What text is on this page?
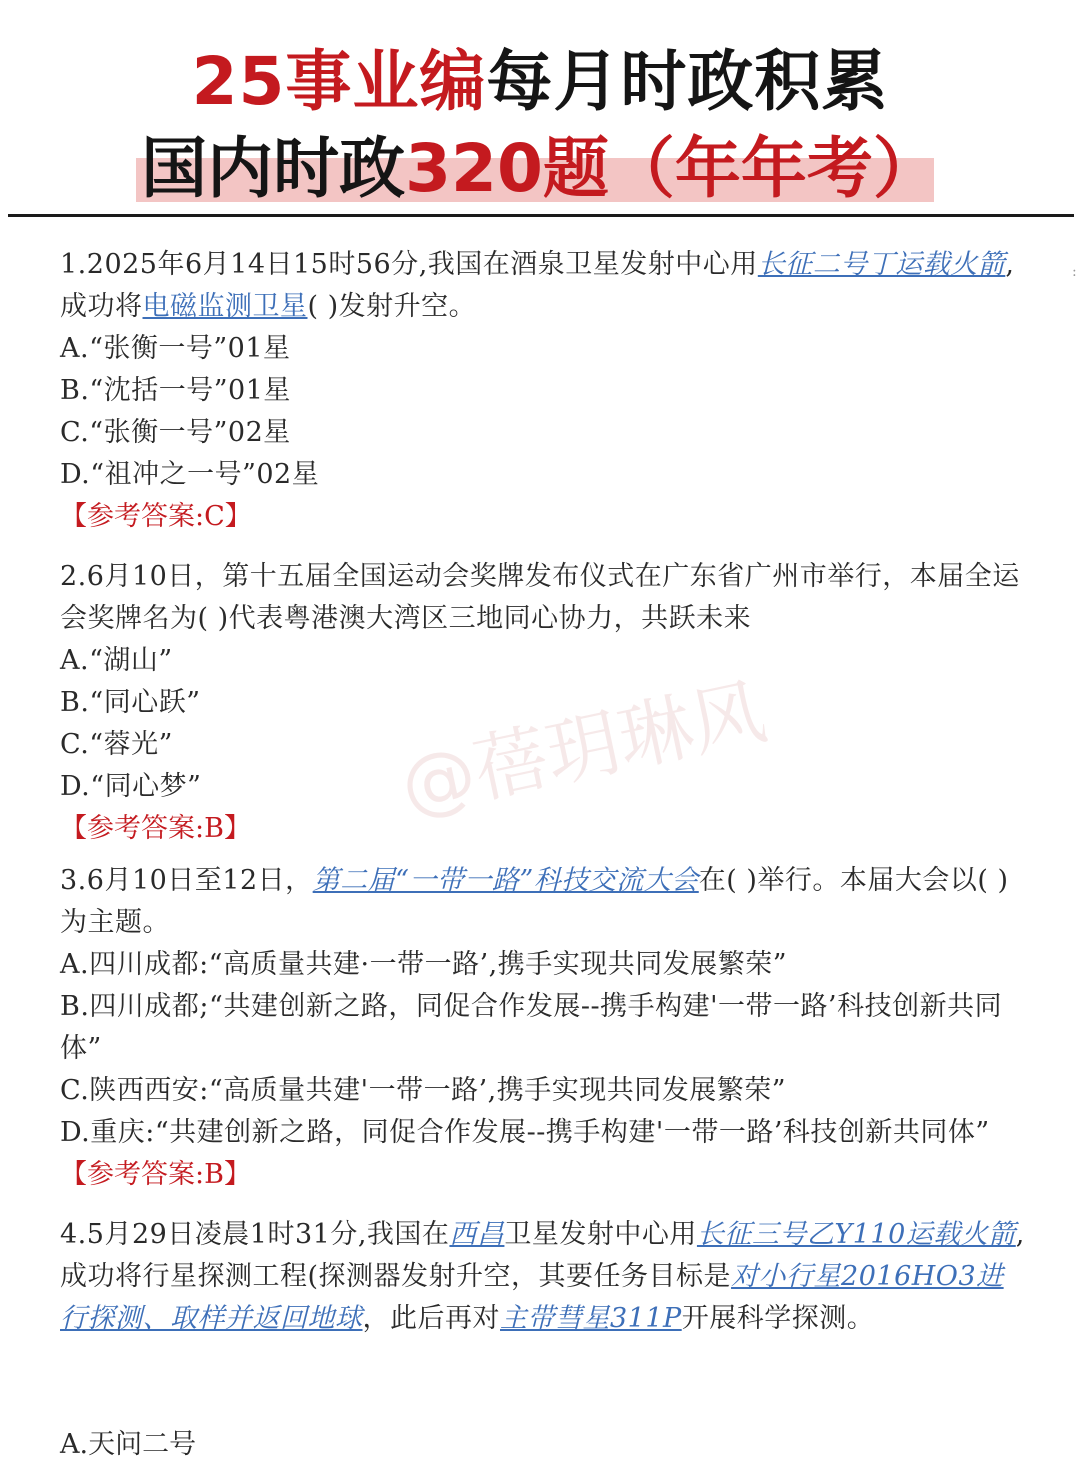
25事业编每月时政积累
国内时政320题（年年考）
:
1.2025年6月14日15时56分,我国在酒泉卫星发射中心用长征二号丁运载火箭,成功将电磁监测卫星( )发射升空。
A.“张衡一号”01星
B.“沈括一号”01星
C.“张衡一号”02星
D.“祖冲之一号”02星
【参考答案:C】
2.6月10日，第十五届全国运动会奖牌发布仪式在广东省广州市举行，本届全运会奖牌名为( )代表粤港澳大湾区三地同心协力，共跃未来
A.“湖山”
B.“同心跃”
C.“蓉光”
D.“同心梦”
【参考答案:B】
3.6月10日至12日，第二届“一带一路”科技交流大会在( )举行。本届大会以( )为主题。
A.四川成都:“高质量共建·一带一路’,携手实现共同发展繁荣”
B.四川成都;“共建创新之路，同促合作发展--携手构建'一带一路’科技创新共同体”
C.陕西西安:“高质量共建'一带一路’,携手实现共同发展繁荣”
D.重庆:“共建创新之路，同促合作发展--携手构建'一带一路’科技创新共同体”
【参考答案:B】
4.5月29日凌晨1时31分,我国在西昌卫星发射中心用长征三号乙Y110运载火箭,成功将行星探测工程(探测器发射升空，其要任务目标是对小行星2016HO3进行探测、取样并返回地球，此后再对主带彗星311P开展科学探测。
A.天问二号
@蓓玥琳风
